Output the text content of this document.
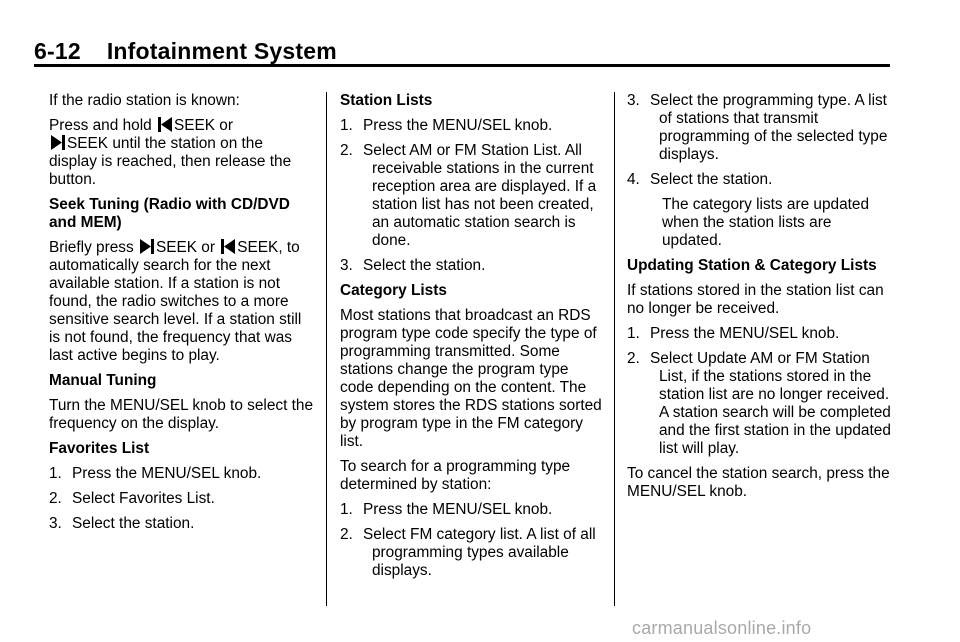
6-12 Infotainment System

If the radio station is known:

Press and hold SEEK or
SEEK until the station on the display is reached, then release the button.

Seek Tuning (Radio with CD/DVD and MEM)

Briefly press SEEK or SEEK, to automatically search for the next available station. If a station is not found, the radio switches to a more sensitive search level. If a station still is not found, the frequency that was last active begins to play.

Manual Tuning

Turn the MENU/SEL knob to select the frequency on the display.

Favorites List

1. Press the MENU/SEL knob.
2. Select Favorites List.
3. Select the station.

Station Lists

1. Press the MENU/SEL knob.
2. Select AM or FM Station List. All receivable stations in the current reception area are displayed. If a station list has not been created, an automatic station search is done.
3. Select the station.

Category Lists

Most stations that broadcast an RDS program type code specify the type of programming transmitted. Some stations change the program type code depending on the content. The system stores the RDS stations sorted by program type in the FM category list.

To search for a programming type determined by station:

1. Press the MENU/SEL knob.
2. Select FM category list. A list of all programming types available displays.
3. Select the programming type. A list of stations that transmit programming of the selected type displays.
4. Select the station.

The category lists are updated when the station lists are updated.

Updating Station & Category Lists

If stations stored in the station list can no longer be received.

1. Press the MENU/SEL knob.
2. Select Update AM or FM Station List, if the stations stored in the station list are no longer received. A station search will be completed and the first station in the updated list will play.

To cancel the station search, press the MENU/SEL knob.

carmanualsonline.info
